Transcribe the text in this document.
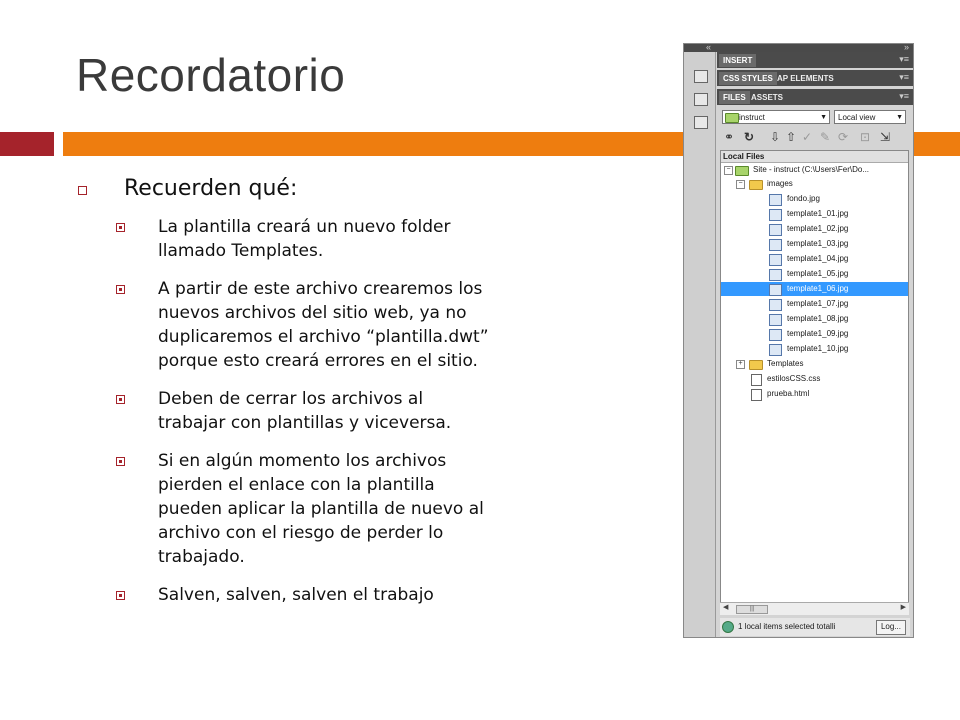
Recordatorio
Recuerden qué:
La plantilla creará un nuevo folder llamado Templates.
A partir de este archivo crearemos los nuevos archivos del sitio web, ya no duplicaremos el archivo “plantilla.dwt” porque esto creará errores en el sitio.
Deben de cerrar los archivos al trabajar con plantillas y viceversa.
Si en algún momento los archivos pierden el enlace con la plantilla pueden aplicar la plantilla de nuevo al archivo con el riesgo de perder lo trabajado.
Salven, salven, salven el trabajo
«	»
INSERT	▾≡
CSS STYLES AP ELEMENTS	▾≡
FILES ASSETS	▾≡
instruct	▼	Local view	▼
⚭ ↻ ⇩ ⇧ ✓ ✎ ⟳ ⊡ ⇲
Local Files
−	Site - instruct (C:\Users\Fer\Do...
−	images
fondo.jpg
template1_01.jpg
template1_02.jpg
template1_03.jpg
template1_04.jpg
template1_05.jpg
template1_06.jpg
template1_07.jpg
template1_08.jpg
template1_09.jpg
template1_10.jpg
+	Templates
estilosCSS.css
prueba.html
◀	|||	▶
1 local items selected totalli	Log...
